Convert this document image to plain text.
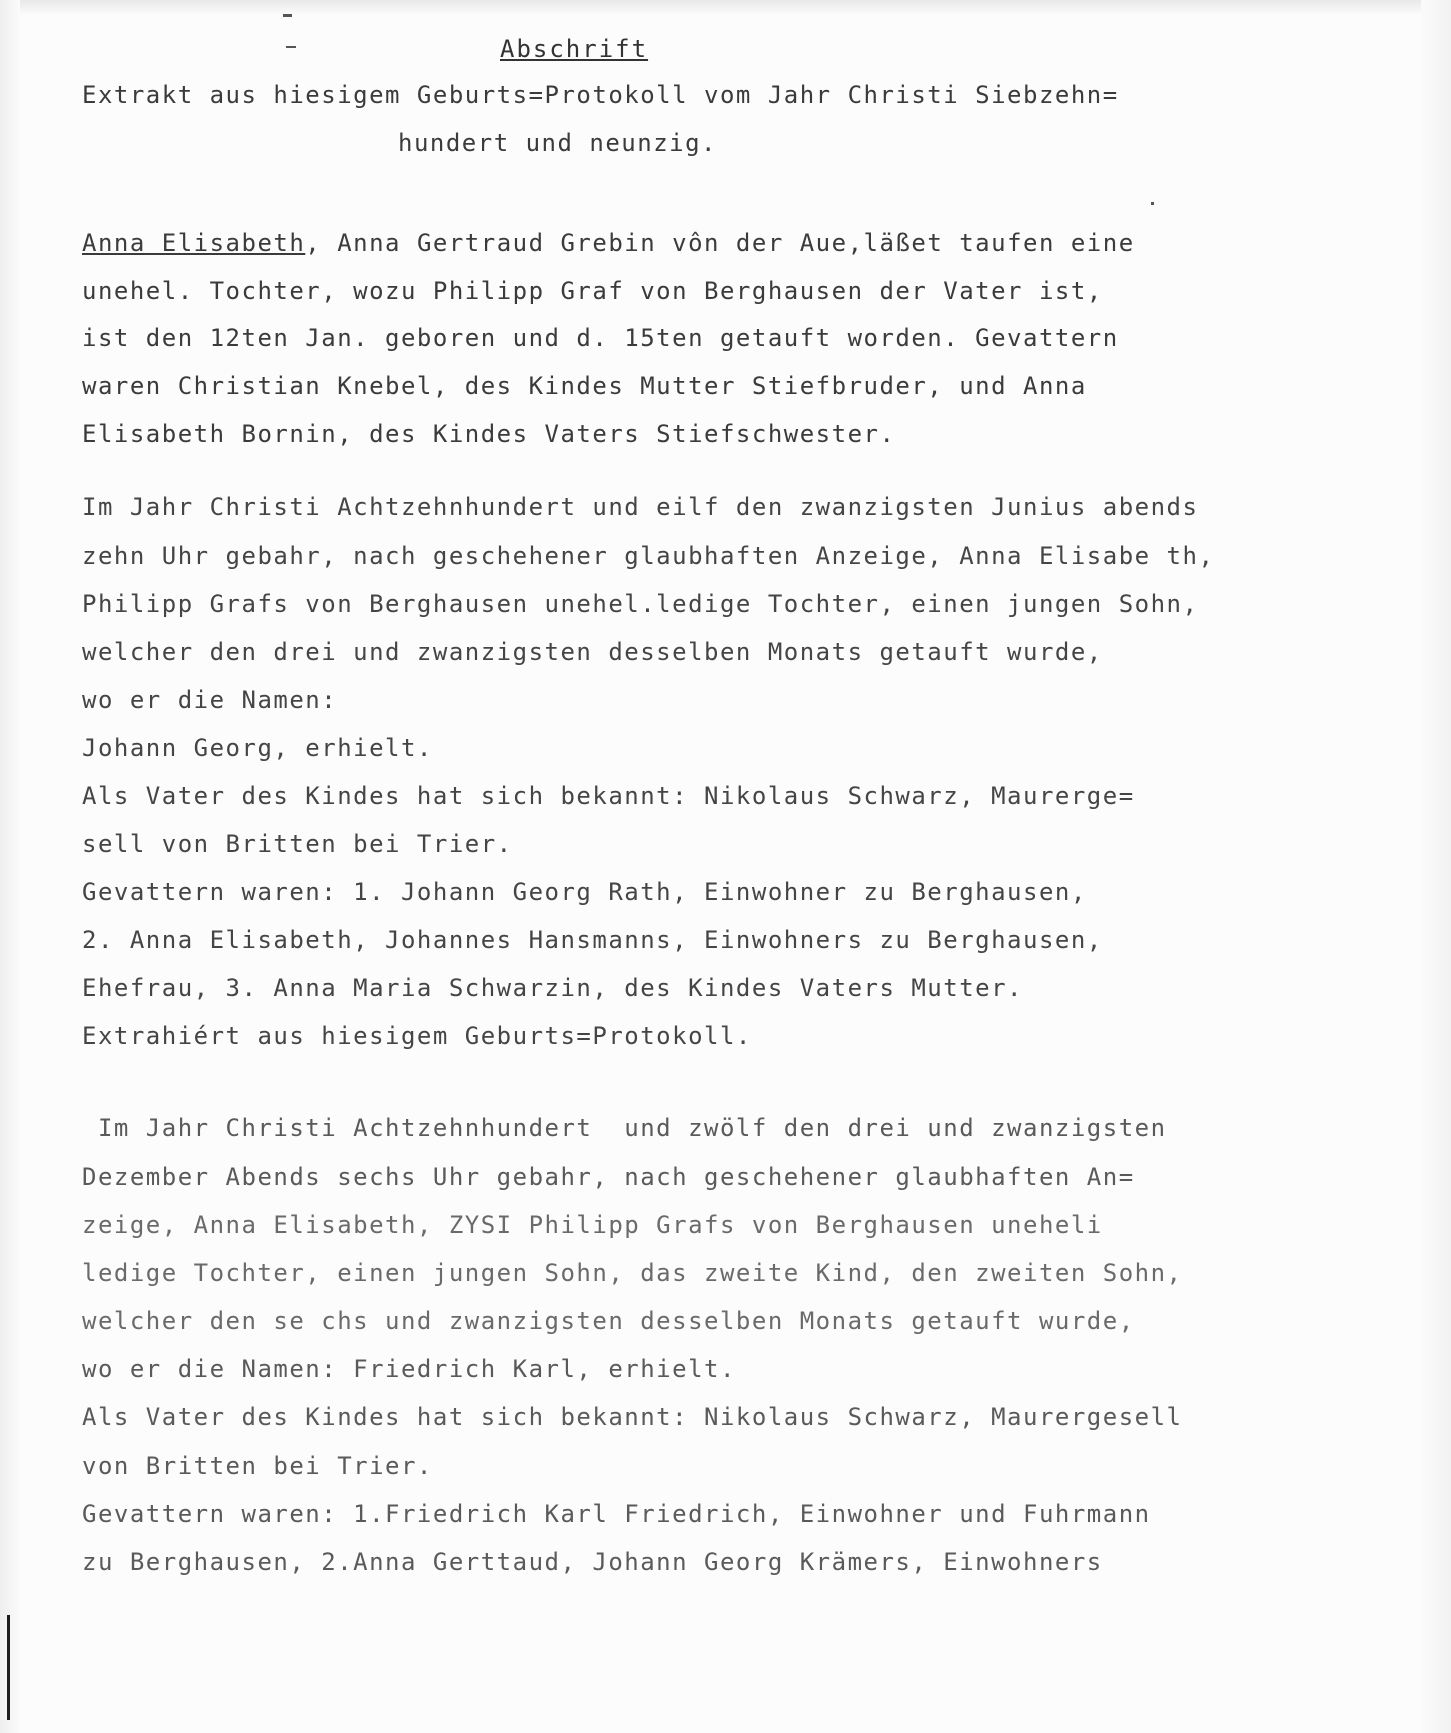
Abschrift
Extrakt aus hiesigem Geburts=Protokoll vom Jahr Christi Siebzehn=
hundert und neunzig.
Anna Elisabeth, Anna Gertraud Grebin vôn der Aue,läßet taufen eine
unehel. Tochter, wozu Philipp Graf von Berghausen der Vater ist,
ist den 12ten Jan. geboren und d. 15ten getauft worden. Gevattern
waren Christian Knebel, des Kindes Mutter Stiefbruder, und Anna
Elisabeth Bornin, des Kindes Vaters Stiefschwester.
Im Jahr Christi Achtzehnhundert und eilf den zwanzigsten Junius abends
zehn Uhr gebahr, nach geschehener glaubhaften Anzeige, Anna Elisabe th,
Philipp Grafs von Berghausen unehel.ledige Tochter, einen jungen Sohn,
welcher den drei und zwanzigsten desselben Monats getauft wurde,
wo er die Namen:
Johann Georg, erhielt.
Als Vater des Kindes hat sich bekannt: Nikolaus Schwarz, Maurerge=
sell von Britten bei Trier.
Gevattern waren: 1. Johann Georg Rath, Einwohner zu Berghausen,
2. Anna Elisabeth, Johannes Hansmanns, Einwohners zu Berghausen,
Ehefrau, 3. Anna Maria Schwarzin, des Kindes Vaters Mutter.
Extrahiért aus hiesigem Geburts=Protokoll.
Im Jahr Christi Achtzehnhundert  und zwölf den drei und zwanzigsten
Dezember Abends sechs Uhr gebahr, nach geschehener glaubhaften An=
zeige, Anna Elisabeth, ZYSI Philipp Grafs von Berghausen uneheli
ledige Tochter, einen jungen Sohn, das zweite Kind, den zweiten Sohn,
welcher den se chs und zwanzigsten desselben Monats getauft wurde,
wo er die Namen: Friedrich Karl, erhielt.
Als Vater des Kindes hat sich bekannt: Nikolaus Schwarz, Maurergesell
von Britten bei Trier.
Gevattern waren: 1.Friedrich Karl Friedrich, Einwohner und Fuhrmann
zu Berghausen, 2.Anna Gerttaud, Johann Georg Krämers, Einwohners
